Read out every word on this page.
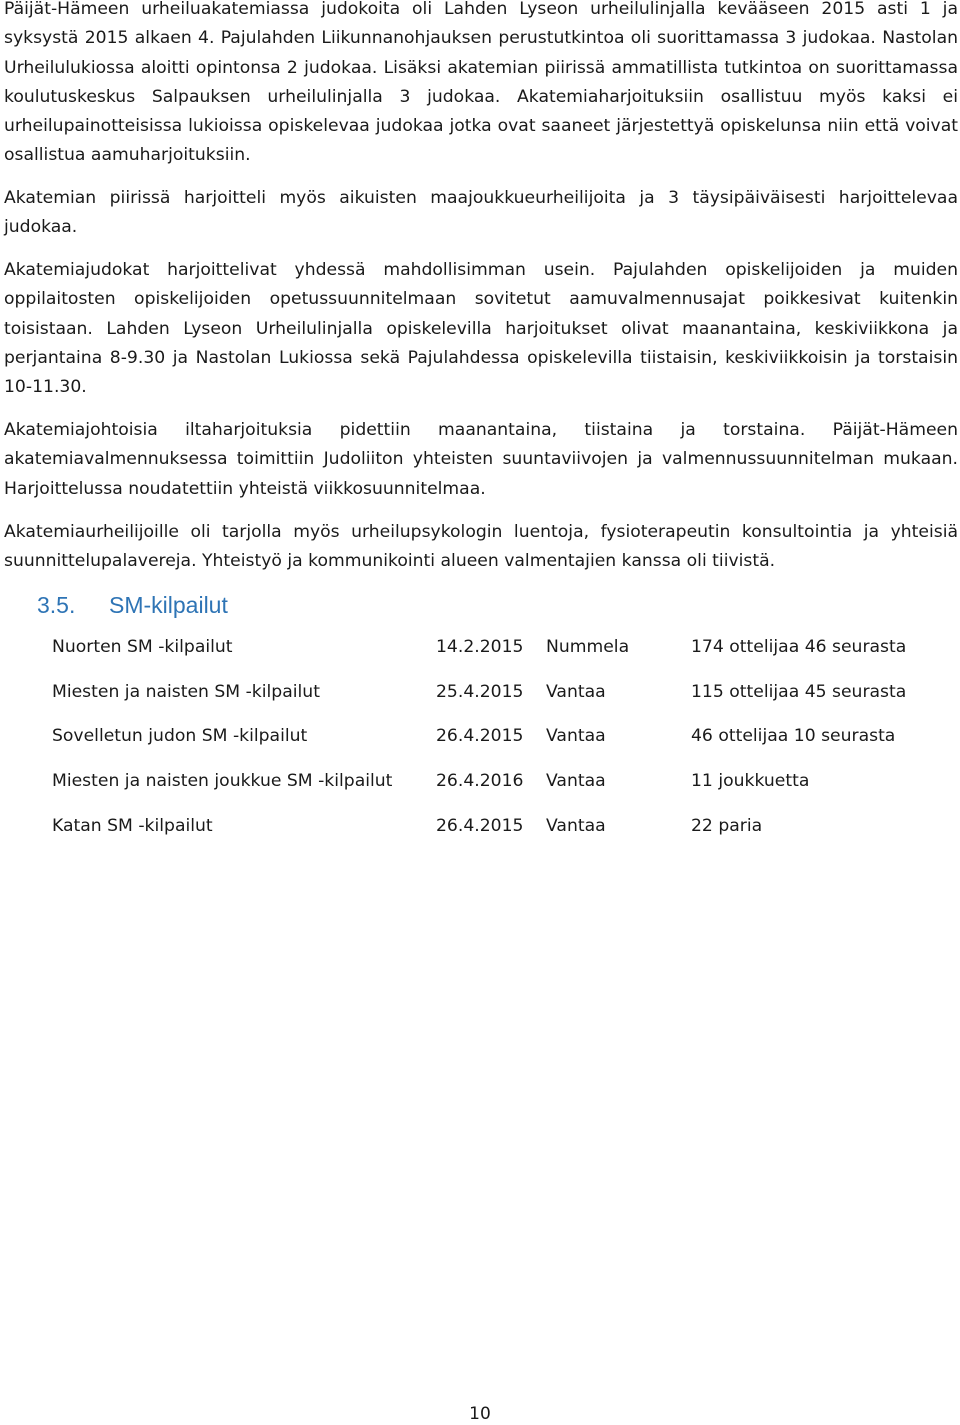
Päijät-Hämeen urheiluakatemiassa judokoita oli Lahden Lyseon urheilulinjalla kevääseen 2015 asti 1 ja syksystä 2015 alkaen 4. Pajulahden Liikunnanohjauksen perustutkintoa oli suorittamassa 3 judokaa. Nastolan Urheilulukiossa aloitti opintonsa 2 judokaa. Lisäksi akatemian piirissä ammatillista tutkintoa on suorittamassa koulutuskeskus Salpauksen urheilulinjalla 3 judokaa. Akatemiaharjoituksiin osallistuu myös kaksi ei urheilupainotteisissa lukioissa opiskelevaa judokaa jotka ovat saaneet järjestettyä opiskelunsa niin että voivat osallistua aamuharjoituksiin.

Akatemian piirissä harjoitteli myös aikuisten maajoukkueurheilijoita ja 3 täysipäiväisesti harjoittelevaa judokaa.

Akatemiajudokat harjoittelivat yhdessä mahdollisimman usein. Pajulahden opiskelijoiden ja muiden oppilaitosten opiskelijoiden opetussuunnitelmaan sovitetut aamuvalmennusajat poikkesivat kuitenkin toisistaan. Lahden Lyseon Urheilulinjalla opiskelevilla harjoitukset olivat maanantaina, keskiviikkona ja perjantaina 8-9.30 ja Nastolan Lukiossa sekä Pajulahdessa opiskelevilla tiistaisin, keskiviikkoisin ja torstaisin 10-11.30.

Akatemiajohtoisia iltaharjoituksia pidettiin maanantaina, tiistaina ja torstaina. Päijät-Hämeen akatemiavalmennuksessa toimittiin Judoliiton yhteisten suuntaviivojen ja valmennussuunnitelman mukaan. Harjoittelussa noudatettiin yhteistä viikkosuunnitelmaa.

Akatemiaurheilijoille oli tarjolla myös urheilupsykologin luentoja, fysioterapeutin konsultointia ja yhteisiä suunnittelupalavereja. Yhteistyö ja kommunikointi alueen valmentajien kanssa oli tiivistä.

3.5.	SM-kilpailut
Nuorten SM -kilpailut	14.2.2015	Nummela	174 ottelijaa 46 seurasta
Miesten ja naisten SM -kilpailut	25.4.2015	Vantaa	115 ottelijaa 45 seurasta
Sovelletun judon SM -kilpailut	26.4.2015	Vantaa	46 ottelijaa 10 seurasta
Miesten ja naisten joukkue SM -kilpailut	26.4.2016	Vantaa	11 joukkuetta
Katan SM -kilpailut	26.4.2015	Vantaa	22 paria

10
